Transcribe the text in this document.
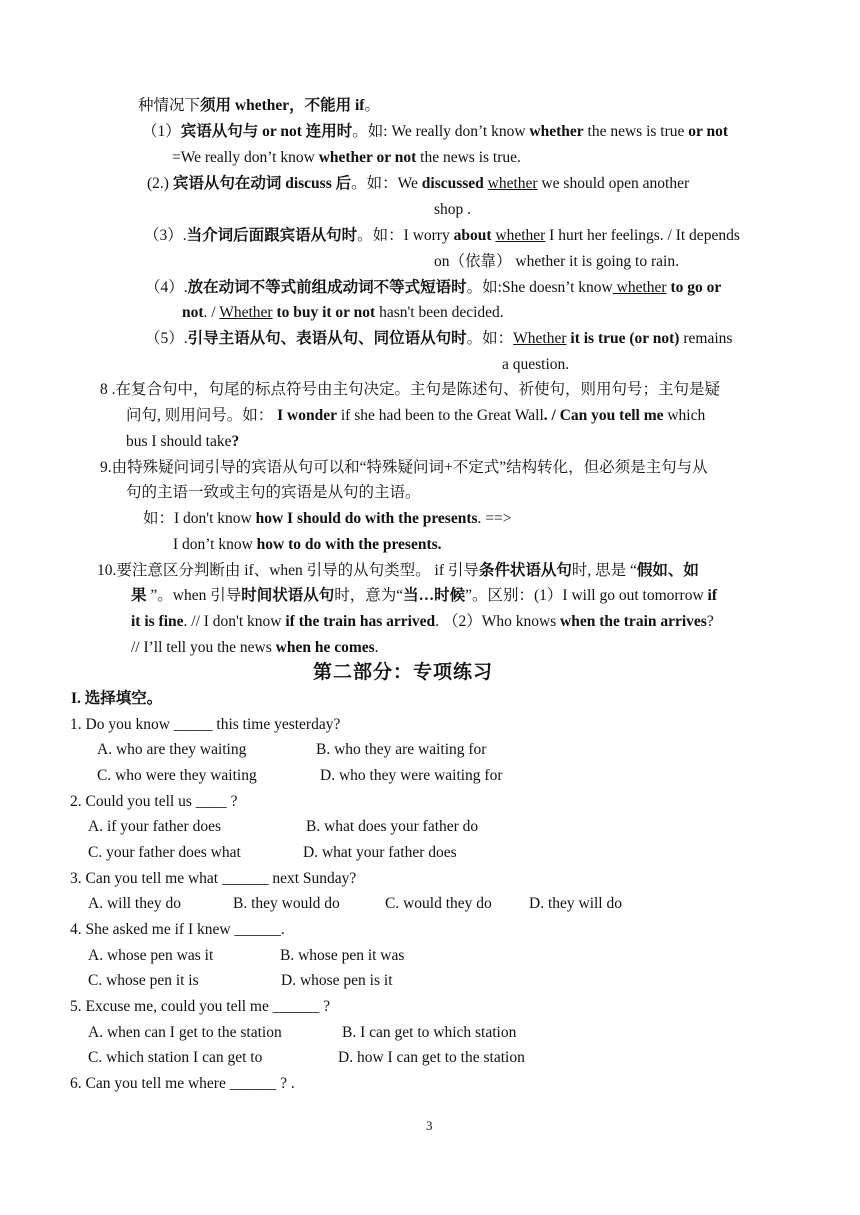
种情况下须用 whether，不能用 if。
（1）宾语从句与 or not 连用时。如: We really don’t know whether the news is true or not
=We really don’t know whether or not the news is true.
(2.) 宾语从句在动词 discuss 后。如：We discussed whether we should open another
shop .
（3）.当介词后面跟宾语从句时。如：I worry about whether I hurt her feelings. / It depends
on（依靠） whether it is going to rain.
（4）.放在动词不等式前组成动词不等式短语时。如:She doesn’t know whether to go or
not. / Whether to buy it or not hasn't been decided.
（5）.引导主语从句、表语从句、同位语从句时。如：Whether it is true (or not) remains
a question.
8 .在复合句中，句尾的标点符号由主句决定。主句是陈述句、祈使句，则用句号；主句是疑
问句, 则用问号。如： I wonder if she had been to the Great Wall. / Can you tell me which
bus I should take?
9.由特殊疑问词引导的宾语从句可以和“特殊疑问词+不定式”结构转化，但必须是主句与从
句的主语一致或主句的宾语是从句的主语。
如：I don't know how I should do with the presents. ==>
I don’t know how to do with the presents.
10.要注意区分判断由 if、when 引导的从句类型。 if 引导条件状语从句时, 思是 “假如、如
果 ”。when 引导时间状语从句时，意为“当…时候”。区别：(1）I will go out tomorrow if
it is fine. // I don't know if the train has arrived. （2）Who knows when the train arrives?
// I’ll tell you the news when he comes.
第二部分：专项练习
I. 选择填空。
1. Do you know _____ this time yesterday?
A. who are they waiting	B. who they are waiting for
C. who were they waiting	D. who they were waiting for
2. Could you tell us ____ ?
A. if your father does	B. what does your father do
C. your father does what	D. what your father does
3. Can you tell me what ______ next Sunday?
A. will they do	B. they would do	C. would they do D. they will do
4. She asked me if I knew ______.
A. whose pen was it	B. whose pen it was
C. whose pen it is	D. whose pen is it
5. Excuse me, could you tell me ______ ?
A. when can I get to the station	B. I can get to which station
C. which station I can get to	D. how I can get to the station
6. Can you tell me where ______ ? .
3
